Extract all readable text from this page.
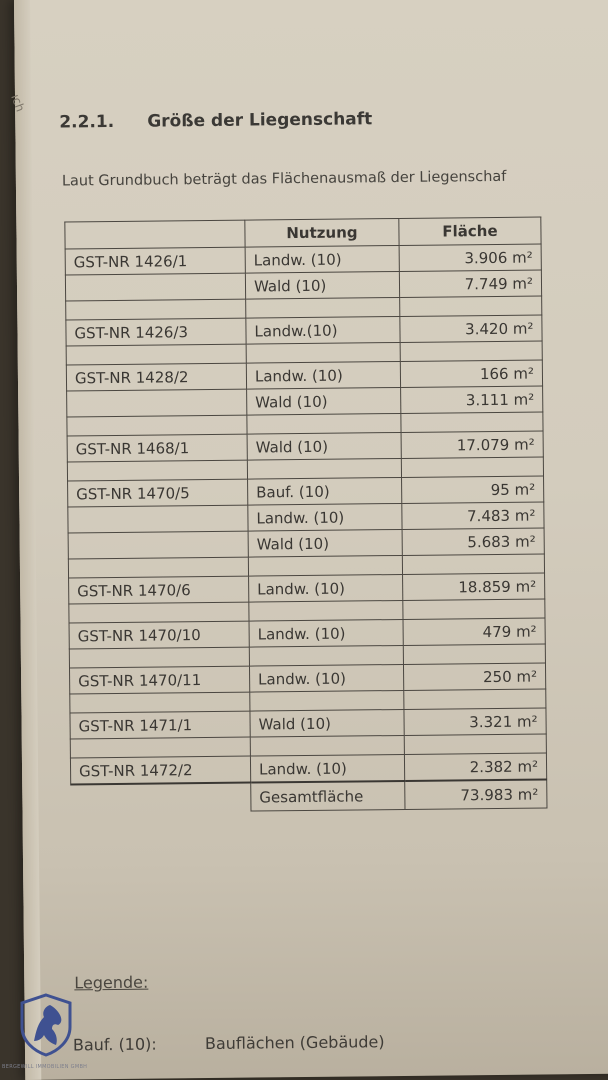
ıch
2.2.1. Größe der Liegenschaft

Laut Grundbuch beträgt das Flächenausmaß der Liegenschaf

	Nutzung	Fläche
GST-NR 1426/1	Landw. (10)	3.906 m²
	Wald (10)	7.749 m²

GST-NR 1426/3	Landw.(10)	3.420 m²

GST-NR 1428/2	Landw. (10)	166 m²
	Wald (10)	3.111 m²

GST-NR 1468/1	Wald (10)	17.079 m²

GST-NR 1470/5	Bauf. (10)	95 m²
	Landw. (10)	7.483 m²
	Wald (10)	5.683 m²

GST-NR 1470/6	Landw. (10)	18.859 m²

GST-NR 1470/10	Landw. (10)	479 m²

GST-NR 1470/11	Landw. (10)	250 m²

GST-NR 1471/1	Wald (10)	3.321 m²

GST-NR 1472/2	Landw. (10)	2.382 m²
	Gesamtfläche	73.983 m²
Legende:
Bauf. (10):	Bauflächen (Gebäude)
BERGEWILL IMMOBILIEN GMBH
